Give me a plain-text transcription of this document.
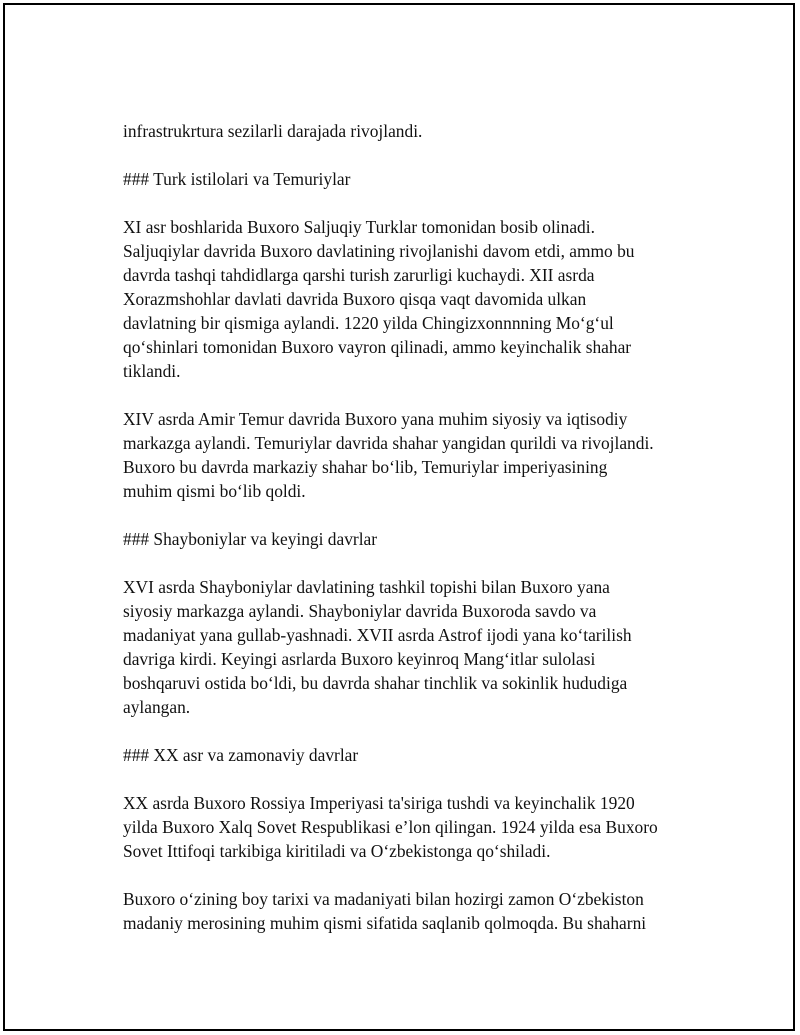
infrastrukrtura sezilarli darajada rivojlandi.

### Turk istilolari va Temuriylar

XI asr boshlarida Buxoro Saljuqiy Turklar tomonidan bosib olinadi.
Saljuqiylar davrida Buxoro davlatining rivojlanishi davom etdi, ammo bu
davrda tashqi tahdidlarga qarshi turish zarurligi kuchaydi. XII asrda
Xorazmshohlar davlati davrida Buxoro qisqa vaqt davomida ulkan
davlatning bir qismiga aylandi. 1220 yilda Chingizxonnnning Mo‘g‘ul
qo‘shinlari tomonidan Buxoro vayron qilinadi, ammo keyinchalik shahar
tiklandi.

XIV asrda Amir Temur davrida Buxoro yana muhim siyosiy va iqtisodiy
markazga aylandi. Temuriylar davrida shahar yangidan qurildi va rivojlandi.
Buxoro bu davrda markaziy shahar bo‘lib, Temuriylar imperiyasining
muhim qismi bo‘lib qoldi.

### Shayboniylar va keyingi davrlar

XVI asrda Shayboniylar davlatining tashkil topishi bilan Buxoro yana
siyosiy markazga aylandi. Shayboniylar davrida Buxoroda savdo va
madaniyat yana gullab-yashnadi. XVII asrda Astrof ijodi yana ko‘tarilish
davriga kirdi. Keyingi asrlarda Buxoro keyinroq Mang‘itlar sulolasi
boshqaruvi ostida bo‘ldi, bu davrda shahar tinchlik va sokinlik hududiga
aylangan.

### XX asr va zamonaviy davrlar

XX asrda Buxoro Rossiya Imperiyasi ta'siriga tushdi va keyinchalik 1920
yilda Buxoro Xalq Sovet Respublikasi e’lon qilingan. 1924 yilda esa Buxoro
Sovet Ittifoqi tarkibiga kiritiladi va O‘zbekistonga qo‘shiladi.

Buxoro o‘zining boy tarixi va madaniyati bilan hozirgi zamon O‘zbekiston
madaniy merosining muhim qismi sifatida saqlanib qolmoqda. Bu shaharni
